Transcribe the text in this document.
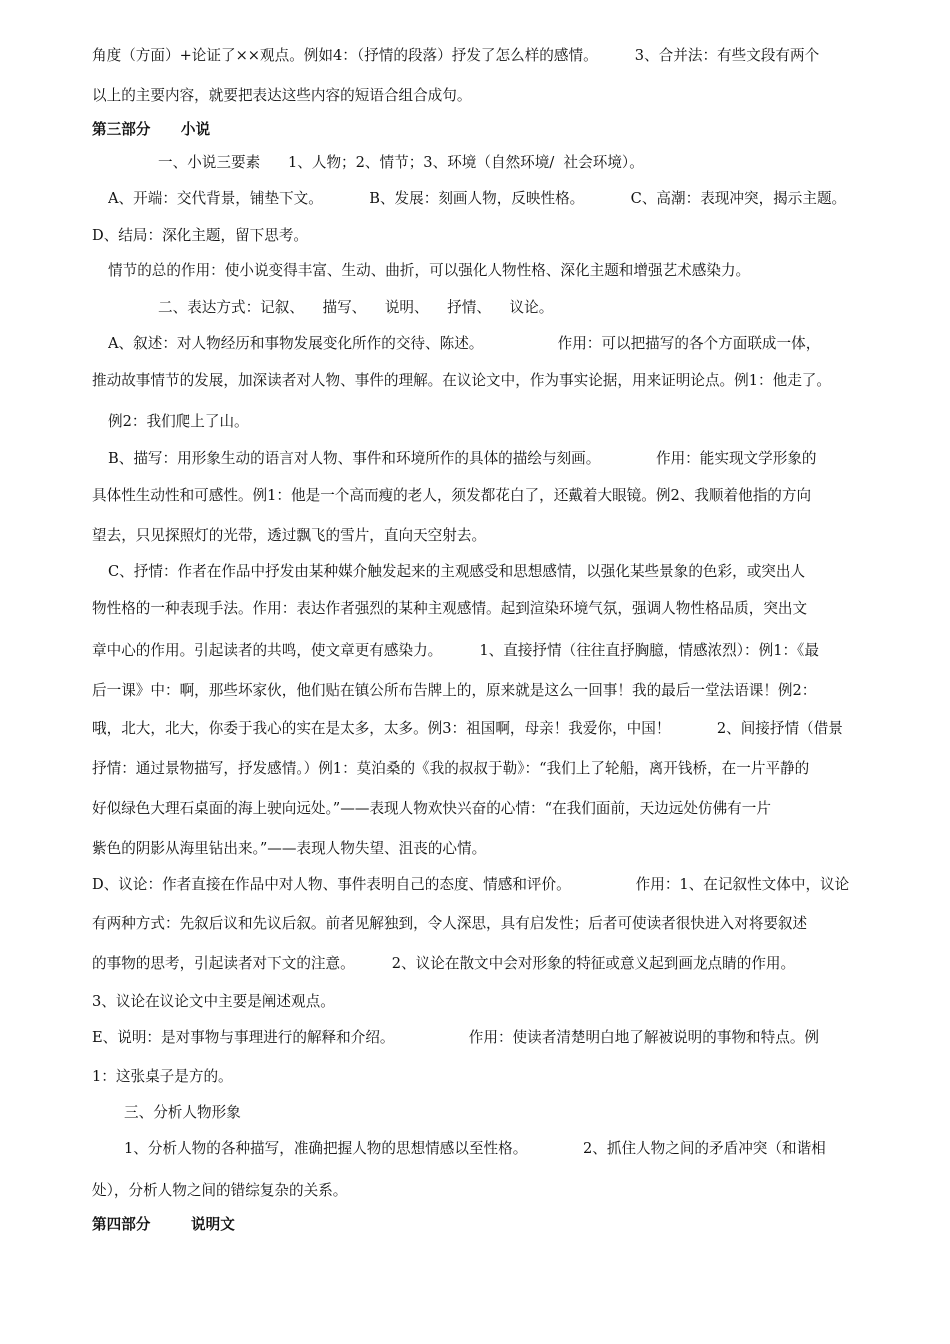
角度（方面）+论证了××观点。例如4：（抒情的段落）抒发了怎么样的感情。        3、合并法：有些文段有两个
以上的主要内容，就要把表达这些内容的短语合组合成句。
第三部分      小说
一、小说三要素      1、人物；2、情节；3、环境（自然环境/  社会环境）。
A、开端：交代背景，铺垫下文。          B、发展：刻画人物，反映性格。          C、高潮：表现冲突，揭示主题。
D、结局：深化主题，留下思考。
情节的总的作用：使小说变得丰富、生动、曲折，可以强化人物性格、深化主题和增强艺术感染力。
二、表达方式：记叙、    描写、    说明、    抒情、    议论。
A、叙述：对人物经历和事物发展变化所作的交待、陈述。                作用：可以把描写的各个方面联成一体，
推动故事情节的发展，加深读者对人物、事件的理解。在议论文中，作为事实论据，用来证明论点。例1：他走了。
例2：我们爬上了山。
B、描写：用形象生动的语言对人物、事件和环境所作的具体的描绘与刻画。            作用：能实现文学形象的
具体性生动性和可感性。例1：他是一个高而瘦的老人，须发都花白了，还戴着大眼镜。例2、我顺着他指的方向
望去，只见探照灯的光带，透过飘飞的雪片，直向天空射去。
C、抒情：作者在作品中抒发由某种媒介触发起来的主观感受和思想感情，以强化某些景象的色彩，或突出人
物性格的一种表现手法。作用：表达作者强烈的某种主观感情。起到渲染环境气氛，强调人物性格品质，突出文
章中心的作用。引起读者的共鸣，使文章更有感染力。        1、直接抒情（往往直抒胸臆，情感浓烈）：例1：《最
后一课》中：啊，那些坏家伙，他们贴在镇公所布告牌上的，原来就是这么一回事！我的最后一堂法语课！例2：
哦，北大，北大，你委于我心的实在是太多，太多。例3：祖国啊，母亲！我爱你，中国！          2、间接抒情（借景
抒情：通过景物描写，抒发感情。）例1：莫泊桑的《我的叔叔于勒》：“我们上了轮船，离开钱桥，在一片平静的
好似绿色大理石桌面的海上驶向远处。”——表现人物欢快兴奋的心情：“在我们面前，天边远处仿佛有一片
紫色的阴影从海里钻出来。”——表现人物失望、沮丧的心情。
D、议论：作者直接在作品中对人物、事件表明自己的态度、情感和评价。              作用：1、在记叙性文体中，议论
有两种方式：先叙后议和先议后叙。前者见解独到，令人深思，具有启发性；后者可使读者很快进入对将要叙述
的事物的思考，引起读者对下文的注意。        2、议论在散文中会对形象的特征或意义起到画龙点睛的作用。
3、议论在议论文中主要是阐述观点。
E、说明：是对事物与事理进行的解释和介绍。                作用：使读者清楚明白地了解被说明的事物和特点。例
1：这张桌子是方的。
三、分析人物形象
1、分析人物的各种描写，准确把握人物的思想情感以至性格。            2、抓住人物之间的矛盾冲突（和谐相
处），分析人物之间的错综复杂的关系。
第四部分        说明文
